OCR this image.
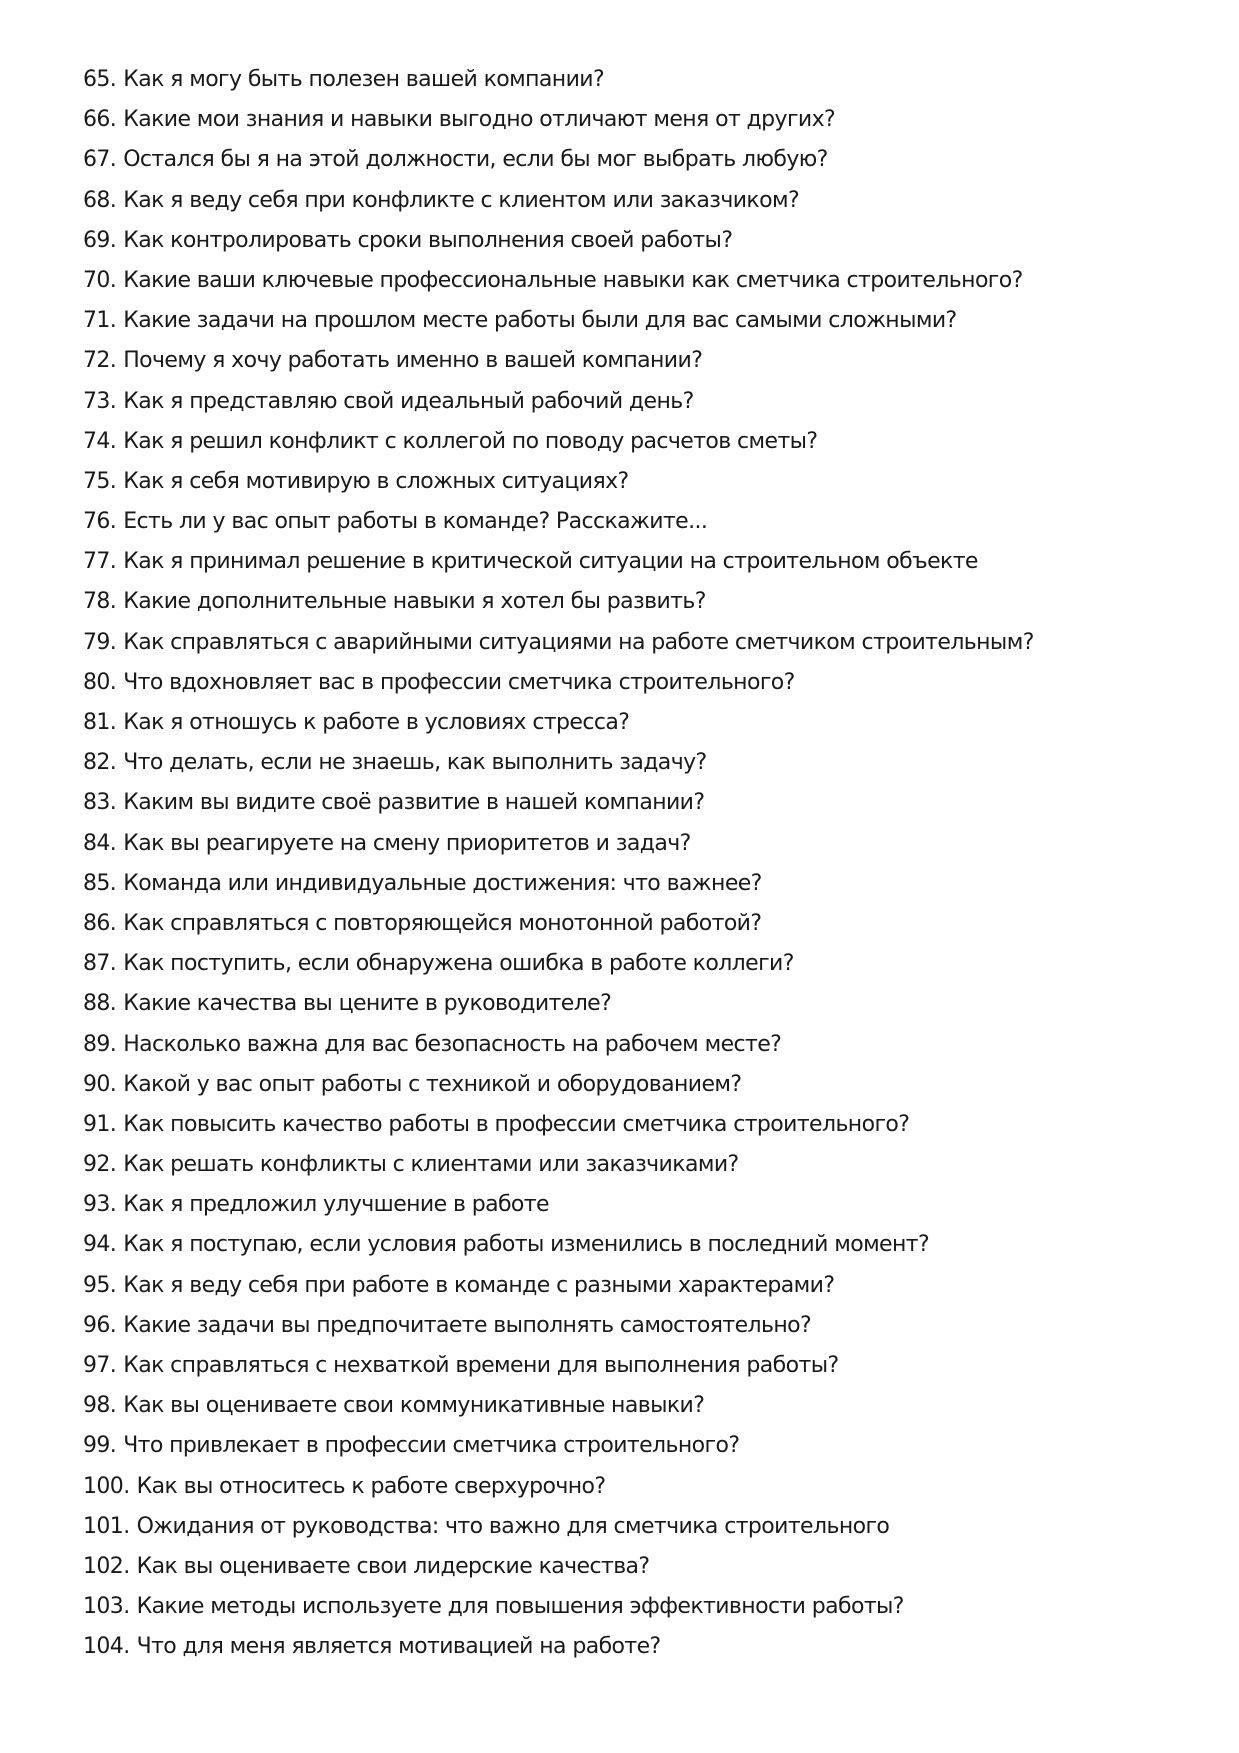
65. Как я могу быть полезен вашей компании?
66. Какие мои знания и навыки выгодно отличают меня от других?
67. Остался бы я на этой должности, если бы мог выбрать любую?
68. Как я веду себя при конфликте с клиентом или заказчиком?
69. Как контролировать сроки выполнения своей работы?
70. Какие ваши ключевые профессиональные навыки как сметчика строительного?
71. Какие задачи на прошлом месте работы были для вас самыми сложными?
72. Почему я хочу работать именно в вашей компании?
73. Как я представляю свой идеальный рабочий день?
74. Как я решил конфликт с коллегой по поводу расчетов сметы?
75. Как я себя мотивирую в сложных ситуациях?
76. Есть ли у вас опыт работы в команде? Расскажите...
77. Как я принимал решение в критической ситуации на строительном объекте
78. Какие дополнительные навыки я хотел бы развить?
79. Как справляться с аварийными ситуациями на работе сметчиком строительным?
80. Что вдохновляет вас в профессии сметчика строительного?
81. Как я отношусь к работе в условиях стресса?
82. Что делать, если не знаешь, как выполнить задачу?
83. Каким вы видите своё развитие в нашей компании?
84. Как вы реагируете на смену приоритетов и задач?
85. Команда или индивидуальные достижения: что важнее?
86. Как справляться с повторяющейся монотонной работой?
87. Как поступить, если обнаружена ошибка в работе коллеги?
88. Какие качества вы цените в руководителе?
89. Насколько важна для вас безопасность на рабочем месте?
90. Какой у вас опыт работы с техникой и оборудованием?
91. Как повысить качество работы в профессии сметчика строительного?
92. Как решать конфликты с клиентами или заказчиками?
93. Как я предложил улучшение в работе
94. Как я поступаю, если условия работы изменились в последний момент?
95. Как я веду себя при работе в команде с разными характерами?
96. Какие задачи вы предпочитаете выполнять самостоятельно?
97. Как справляться с нехваткой времени для выполнения работы?
98. Как вы оцениваете свои коммуникативные навыки?
99. Что привлекает в профессии сметчика строительного?
100. Как вы относитесь к работе сверхурочно?
101. Ожидания от руководства: что важно для сметчика строительного
102. Как вы оцениваете свои лидерские качества?
103. Какие методы используете для повышения эффективности работы?
104. Что для меня является мотивацией на работе?
